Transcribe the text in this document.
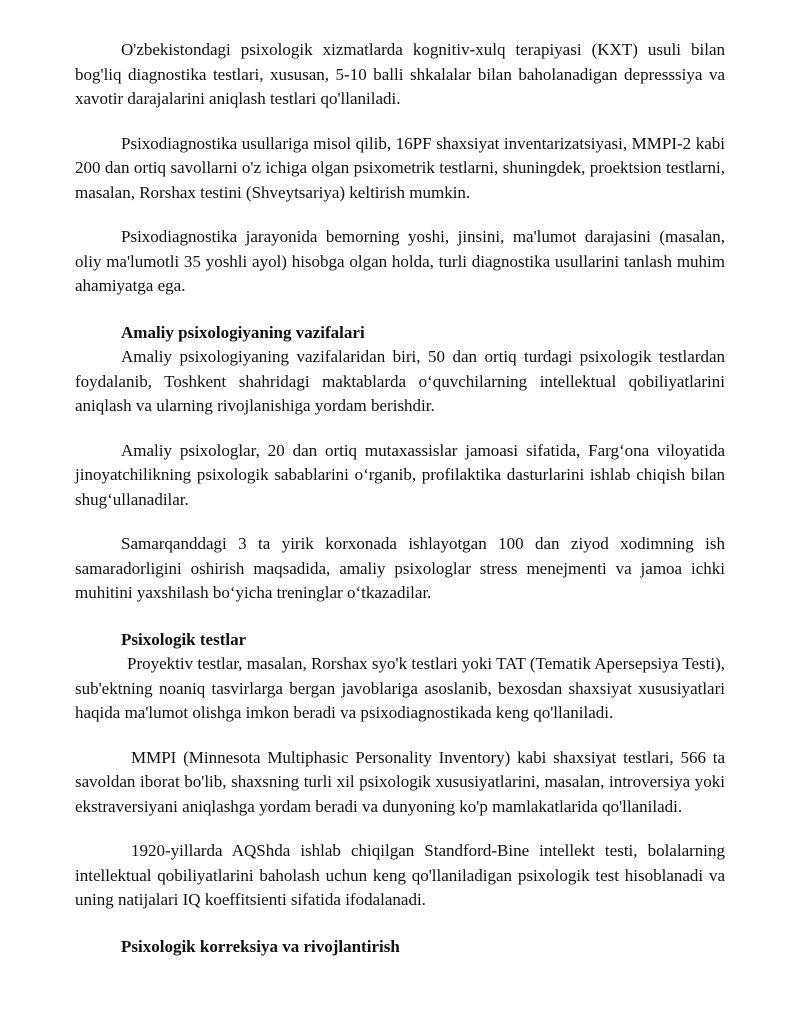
O'zbekistondagi psixologik xizmatlarda kognitiv-xulq terapiyasi (KXT) usuli bilan bog'liq diagnostika testlari, xususan, 5-10 balli shkalalar bilan baholanadigan depresssiya va xavotir darajalarini aniqlash testlari qo'llaniladi.

Psixodiagnostika usullariga misol qilib, 16PF shaxsiyat inventarizatsiyasi, MMPI-2 kabi 200 dan ortiq savollarni o'z ichiga olgan psixometrik testlarni, shuningdek, proektsion testlarni, masalan, Rorshax testini (Shveytsariya) keltirish mumkin.

Psixodiagnostika jarayonida bemorning yoshi, jinsini, ma'lumot darajasini (masalan, oliy ma'lumotli 35 yoshli ayol) hisobga olgan holda, turli diagnostika usullarini tanlash muhim ahamiyatga ega.

Amaliy psixologiyaning vazifalari

Amaliy psixologiyaning vazifalaridan biri, 50 dan ortiq turdagi psixologik testlardan foydalanib, Toshkent shahridagi maktablarda o‘quvchilarning intellektual qobiliyatlarini aniqlash va ularning rivojlanishiga yordam berishdir.

Amaliy psixologlar, 20 dan ortiq mutaxassislar jamoasi sifatida, Farg‘ona viloyatida jinoyatchilikning psixologik sabablarini o‘rganib, profilaktika dasturlarini ishlab chiqish bilan shug‘ullanadilar.

Samarqanddagi 3 ta yirik korxonada ishlayotgan 100 dan ziyod xodimning ish samaradorligini oshirish maqsadida, amaliy psixologlar stress menejmenti va jamoa ichki muhitini yaxshilash bo‘yicha treninglar o‘tkazadilar.

Psixologik testlar

Proyektiv testlar, masalan, Rorshax syo'k testlari yoki TAT (Tematik Apersepsiya Testi), sub'ektning noaniq tasvirlarga bergan javoblariga asoslanib, bexosdan shaxsiyat xususiyatlari haqida ma'lumot olishga imkon beradi va psixodiagnostikada keng qo'llaniladi.

MMPI (Minnesota Multiphasic Personality Inventory) kabi shaxsiyat testlari, 566 ta savoldan iborat bo'lib, shaxsning turli xil psixologik xususiyatlarini, masalan, introversiya yoki ekstraversiyani aniqlashga yordam beradi va dunyoning ko'p mamlakatlarida qo'llaniladi.

1920-yillarda AQShda ishlab chiqilgan Standford-Bine intellekt testi, bolalarning intellektual qobiliyatlarini baholash uchun keng qo'llaniladigan psixologik test hisoblanadi va uning natijalari IQ koeffitsienti sifatida ifodalanadi.

Psixologik korreksiya va rivojlantirish
